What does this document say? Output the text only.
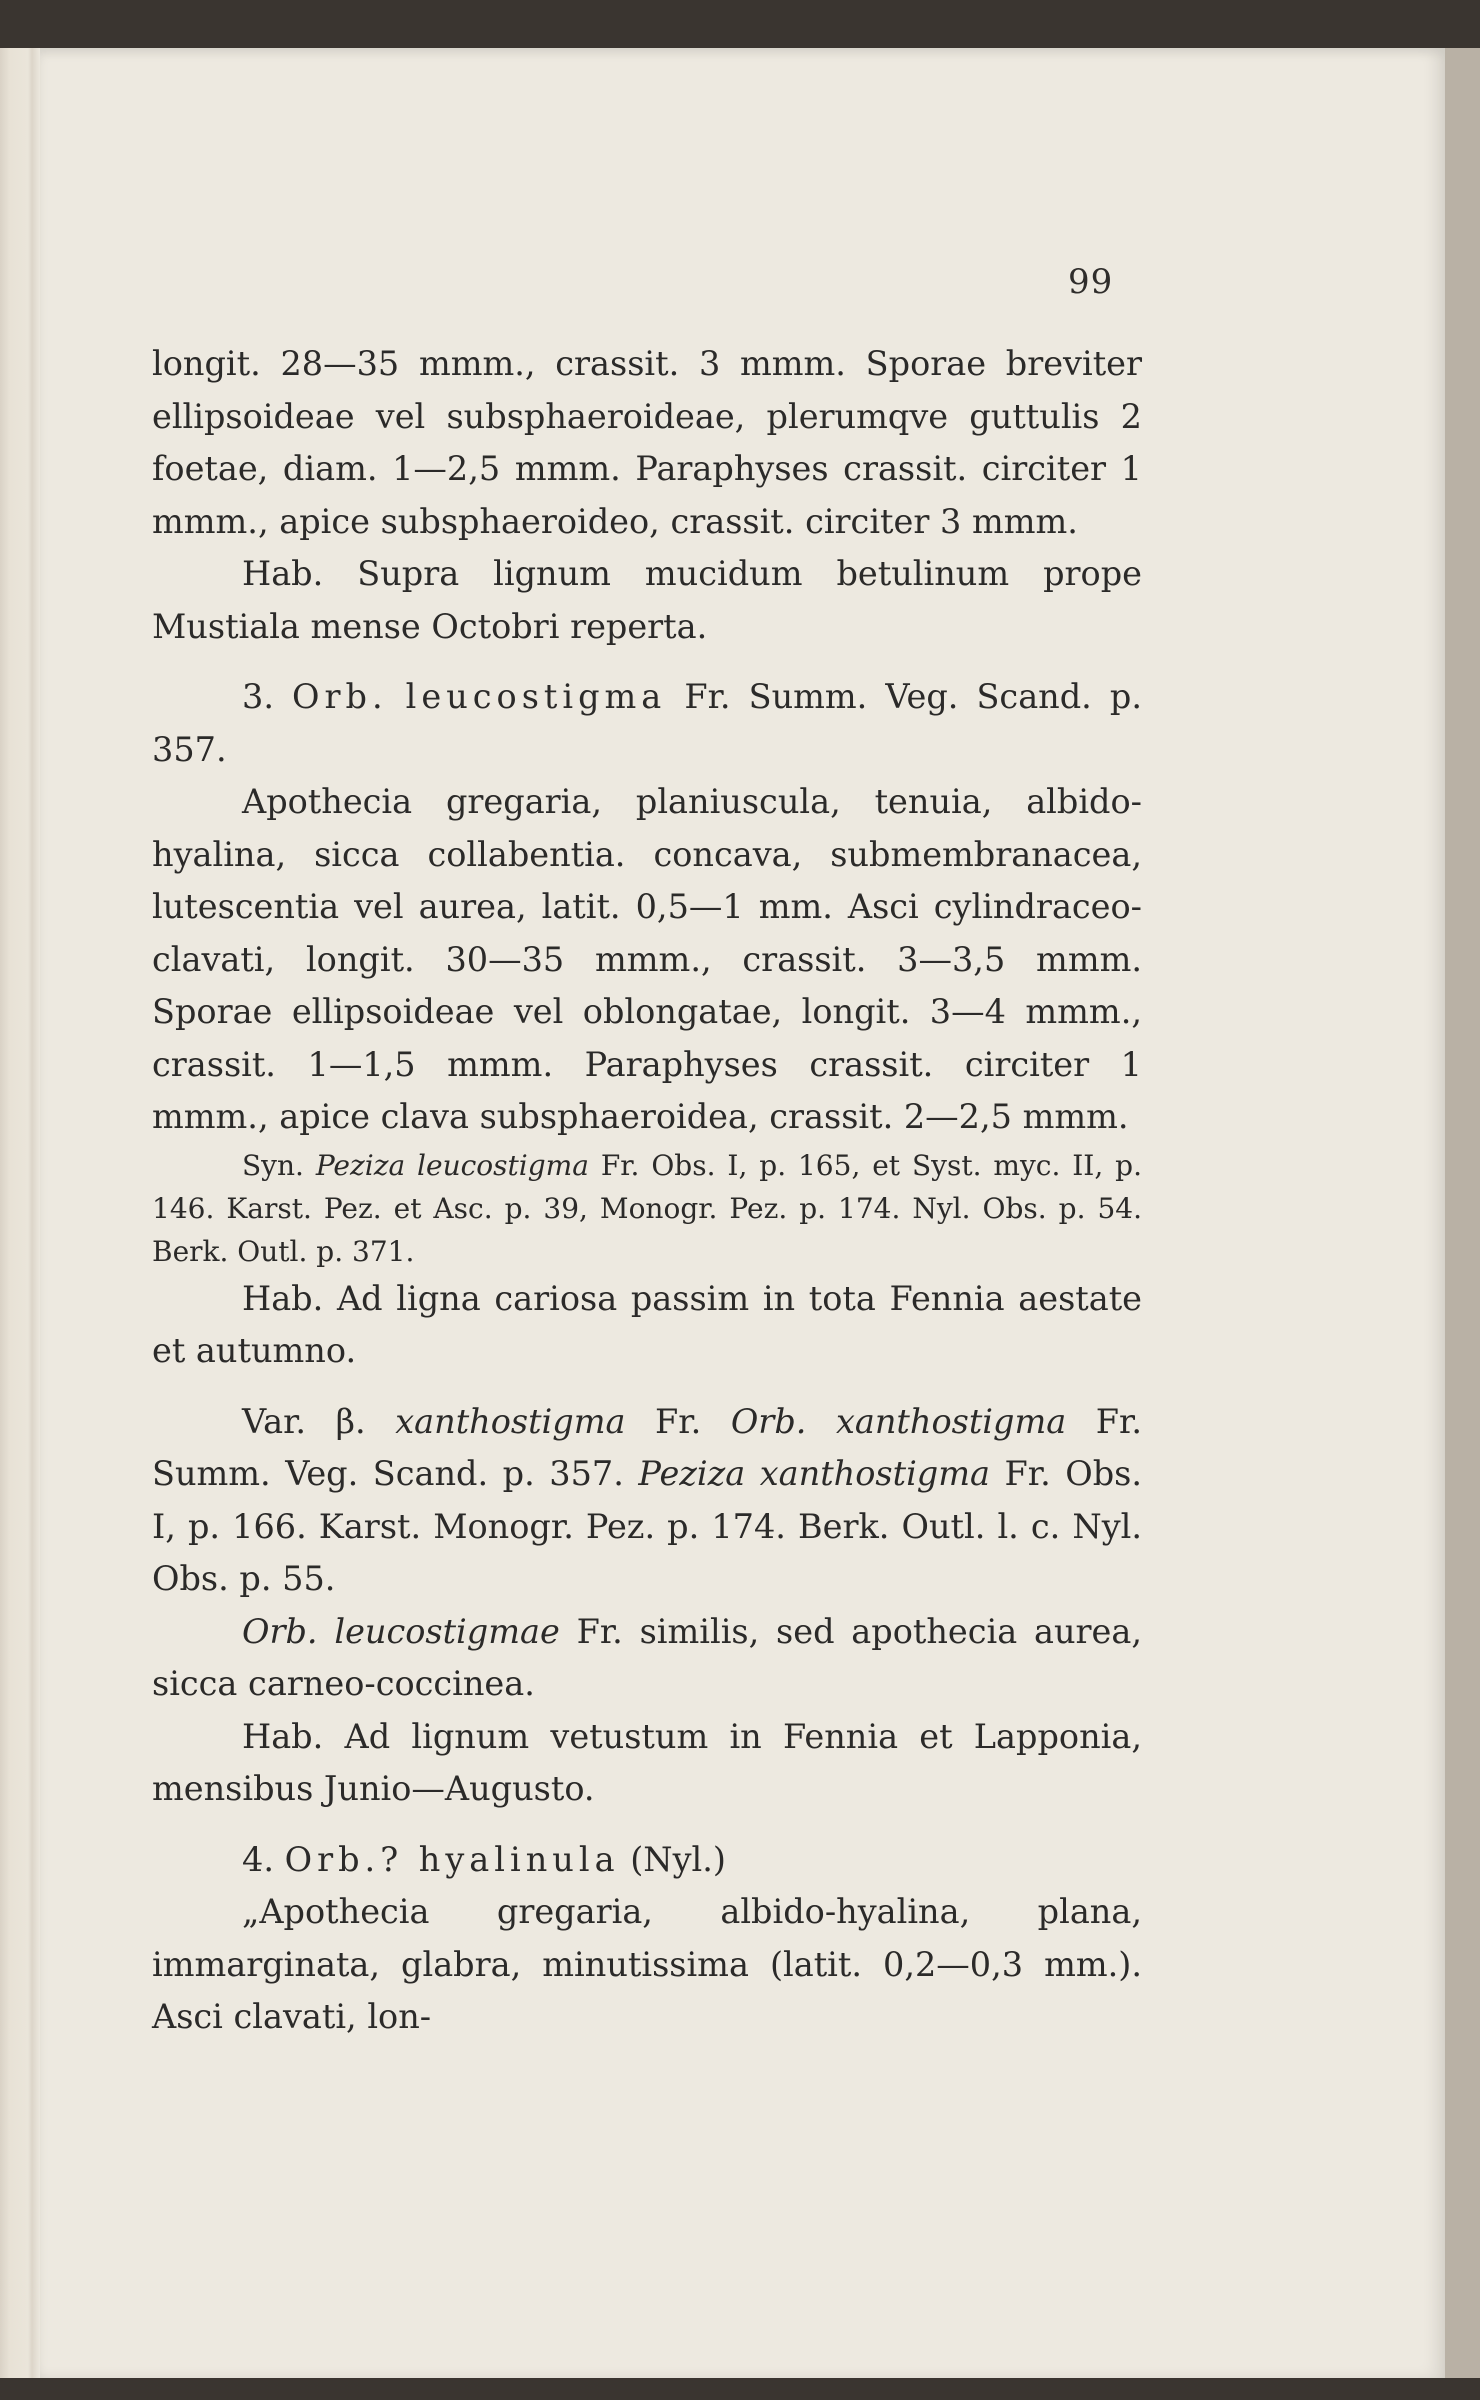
99

longit. 28—35 mmm., crassit. 3 mmm. Sporae breviter ellipsoideae vel subsphaeroideae, plerumqve guttulis 2 foetae, diam. 1—2,5 mmm. Paraphyses crassit. circiter 1 mmm., apice subsphaeroideo, crassit. circiter 3 mmm.

Hab. Supra lignum mucidum betulinum prope Mustiala mense Octobri reperta.

3. Orb. leucostigma Fr. Summ. Veg. Scand. p. 357.

Apothecia gregaria, planiuscula, tenuia, albido-hyalina, sicca collabentia. concava, submembranacea, lutescentia vel aurea, latit. 0,5—1 mm. Asci cylindraceo-clavati, longit. 30—35 mmm., crassit. 3—3,5 mmm. Sporae ellipsoideae vel oblongatae, longit. 3—4 mmm., crassit. 1—1,5 mmm. Paraphyses crassit. circiter 1 mmm., apice clava subsphaeroidea, crassit. 2—2,5 mmm.

Syn. Peziza leucostigma Fr. Obs. I, p. 165, et Syst. myc. II, p. 146. Karst. Pez. et Asc. p. 39, Monogr. Pez. p. 174. Nyl. Obs. p. 54. Berk. Outl. p. 371.

Hab. Ad ligna cariosa passim in tota Fennia aestate et autumno.

Var. β. xanthostigma Fr. Orb. xanthostigma Fr. Summ. Veg. Scand. p. 357. Peziza xanthostigma Fr. Obs. I, p. 166. Karst. Monogr. Pez. p. 174. Berk. Outl. l. c. Nyl. Obs. p. 55.

Orb. leucostigmae Fr. similis, sed apothecia aurea, sicca carneo-coccinea.

Hab. Ad lignum vetustum in Fennia et Lapponia, mensibus Junio—Augusto.

4. Orb.? hyalinula (Nyl.)

„Apothecia gregaria, albido-hyalina, plana, immarginata, glabra, minutissima (latit. 0,2—0,3 mm.). Asci clavati, lon-
